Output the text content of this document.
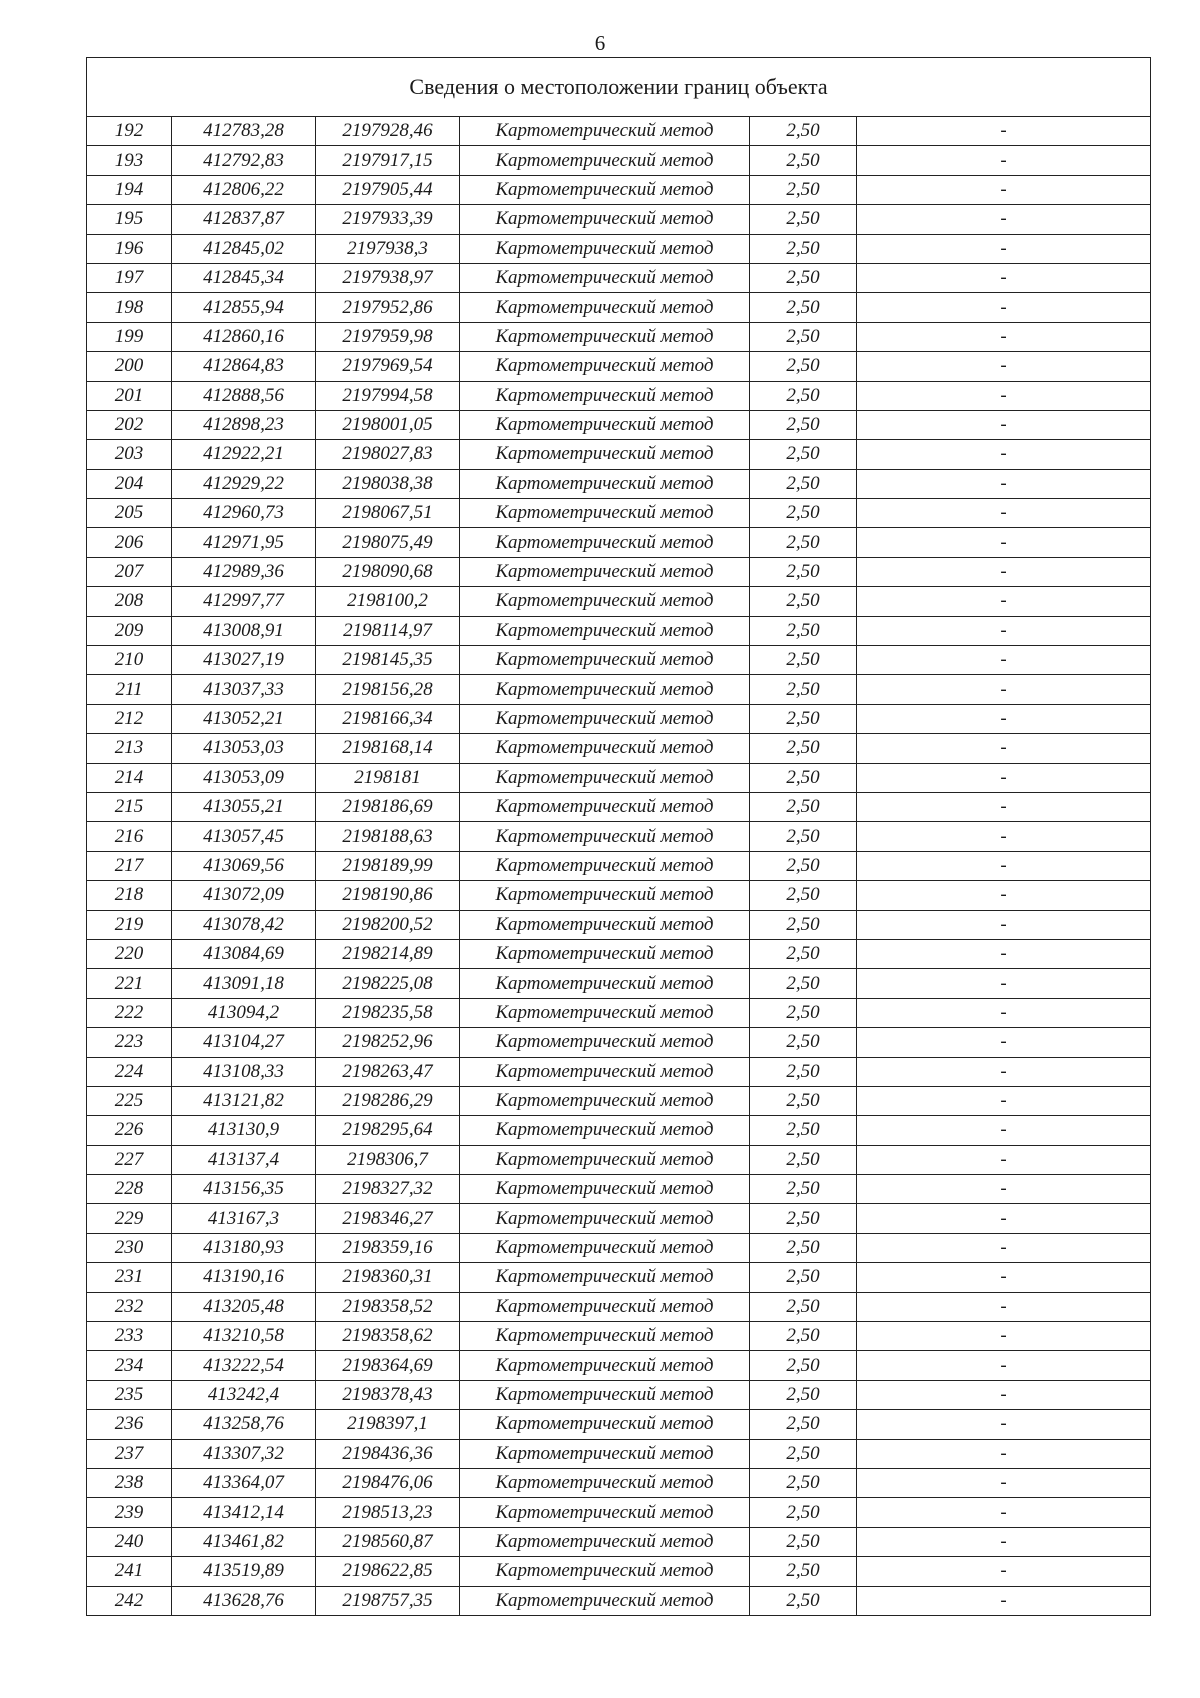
6
Сведения о местоположении границ объекта					
192	412783,28	2197928,46	Картометрический метод	2,50	-
193	412792,83	2197917,15	Картометрический метод	2,50	-
194	412806,22	2197905,44	Картометрический метод	2,50	-
195	412837,87	2197933,39	Картометрический метод	2,50	-
196	412845,02	2197938,3	Картометрический метод	2,50	-
197	412845,34	2197938,97	Картометрический метод	2,50	-
198	412855,94	2197952,86	Картометрический метод	2,50	-
199	412860,16	2197959,98	Картометрический метод	2,50	-
200	412864,83	2197969,54	Картометрический метод	2,50	-
201	412888,56	2197994,58	Картометрический метод	2,50	-
202	412898,23	2198001,05	Картометрический метод	2,50	-
203	412922,21	2198027,83	Картометрический метод	2,50	-
204	412929,22	2198038,38	Картометрический метод	2,50	-
205	412960,73	2198067,51	Картометрический метод	2,50	-
206	412971,95	2198075,49	Картометрический метод	2,50	-
207	412989,36	2198090,68	Картометрический метод	2,50	-
208	412997,77	2198100,2	Картометрический метод	2,50	-
209	413008,91	2198114,97	Картометрический метод	2,50	-
210	413027,19	2198145,35	Картометрический метод	2,50	-
211	413037,33	2198156,28	Картометрический метод	2,50	-
212	413052,21	2198166,34	Картометрический метод	2,50	-
213	413053,03	2198168,14	Картометрический метод	2,50	-
214	413053,09	2198181	Картометрический метод	2,50	-
215	413055,21	2198186,69	Картометрический метод	2,50	-
216	413057,45	2198188,63	Картометрический метод	2,50	-
217	413069,56	2198189,99	Картометрический метод	2,50	-
218	413072,09	2198190,86	Картометрический метод	2,50	-
219	413078,42	2198200,52	Картометрический метод	2,50	-
220	413084,69	2198214,89	Картометрический метод	2,50	-
221	413091,18	2198225,08	Картометрический метод	2,50	-
222	413094,2	2198235,58	Картометрический метод	2,50	-
223	413104,27	2198252,96	Картометрический метод	2,50	-
224	413108,33	2198263,47	Картометрический метод	2,50	-
225	413121,82	2198286,29	Картометрический метод	2,50	-
226	413130,9	2198295,64	Картометрический метод	2,50	-
227	413137,4	2198306,7	Картометрический метод	2,50	-
228	413156,35	2198327,32	Картометрический метод	2,50	-
229	413167,3	2198346,27	Картометрический метод	2,50	-
230	413180,93	2198359,16	Картометрический метод	2,50	-
231	413190,16	2198360,31	Картометрический метод	2,50	-
232	413205,48	2198358,52	Картометрический метод	2,50	-
233	413210,58	2198358,62	Картометрический метод	2,50	-
234	413222,54	2198364,69	Картометрический метод	2,50	-
235	413242,4	2198378,43	Картометрический метод	2,50	-
236	413258,76	2198397,1	Картометрический метод	2,50	-
237	413307,32	2198436,36	Картометрический метод	2,50	-
238	413364,07	2198476,06	Картометрический метод	2,50	-
239	413412,14	2198513,23	Картометрический метод	2,50	-
240	413461,82	2198560,87	Картометрический метод	2,50	-
241	413519,89	2198622,85	Картометрический метод	2,50	-
242	413628,76	2198757,35	Картометрический метод	2,50	-
